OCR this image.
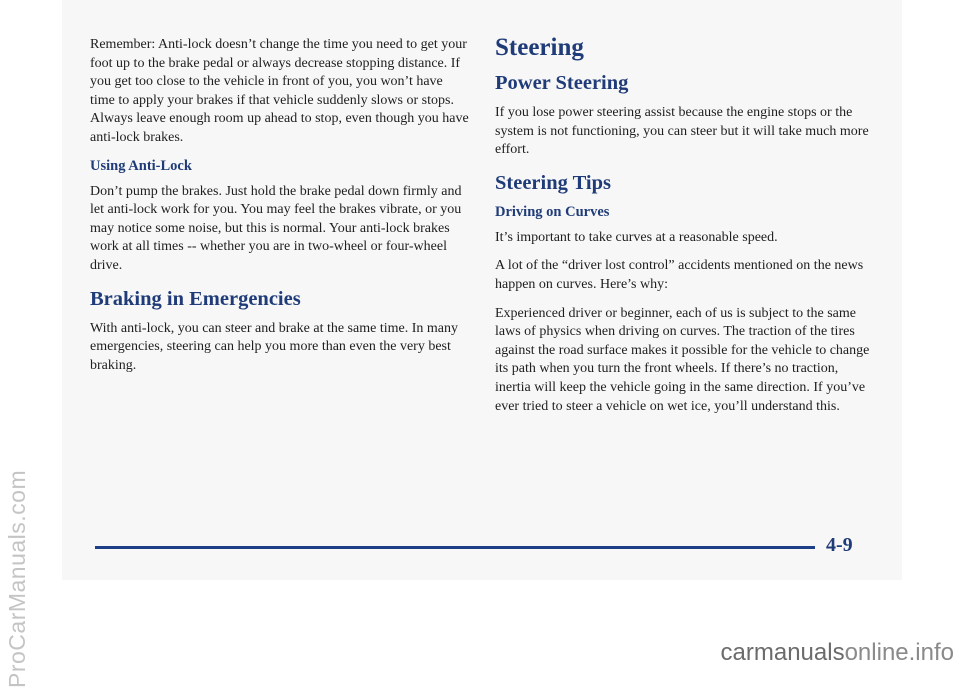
Remember: Anti-lock doesn’t change the time you need to get your foot up to the brake pedal or always decrease stopping distance. If you get too close to the vehicle in front of you, you won’t have time to apply your brakes if that vehicle suddenly slows or stops. Always leave enough room up ahead to stop, even though you have anti-lock brakes.

Using Anti-Lock

Don’t pump the brakes. Just hold the brake pedal down firmly and let anti-lock work for you. You may feel the brakes vibrate, or you may notice some noise, but this is normal. Your anti-lock brakes work at all times -- whether you are in two-wheel or four-wheel drive.

Braking in Emergencies

With anti-lock, you can steer and brake at the same time. In many emergencies, steering can help you more than even the very best braking.

Steering
Power Steering

If you lose power steering assist because the engine stops or the system is not functioning, you can steer but it will take much more effort.

Steering Tips
Driving on Curves

It’s important to take curves at a reasonable speed.

A lot of the “driver lost control” accidents mentioned on the news happen on curves. Here’s why:

Experienced driver or beginner, each of us is subject to the same laws of physics when driving on curves. The traction of the tires against the road surface makes it possible for the vehicle to change its path when you turn the front wheels. If there’s no traction, inertia will keep the vehicle going in the same direction. If you’ve ever tried to steer a vehicle on wet ice, you’ll understand this.

4-9
ProCarManuals.com	carmanualsonline.info
